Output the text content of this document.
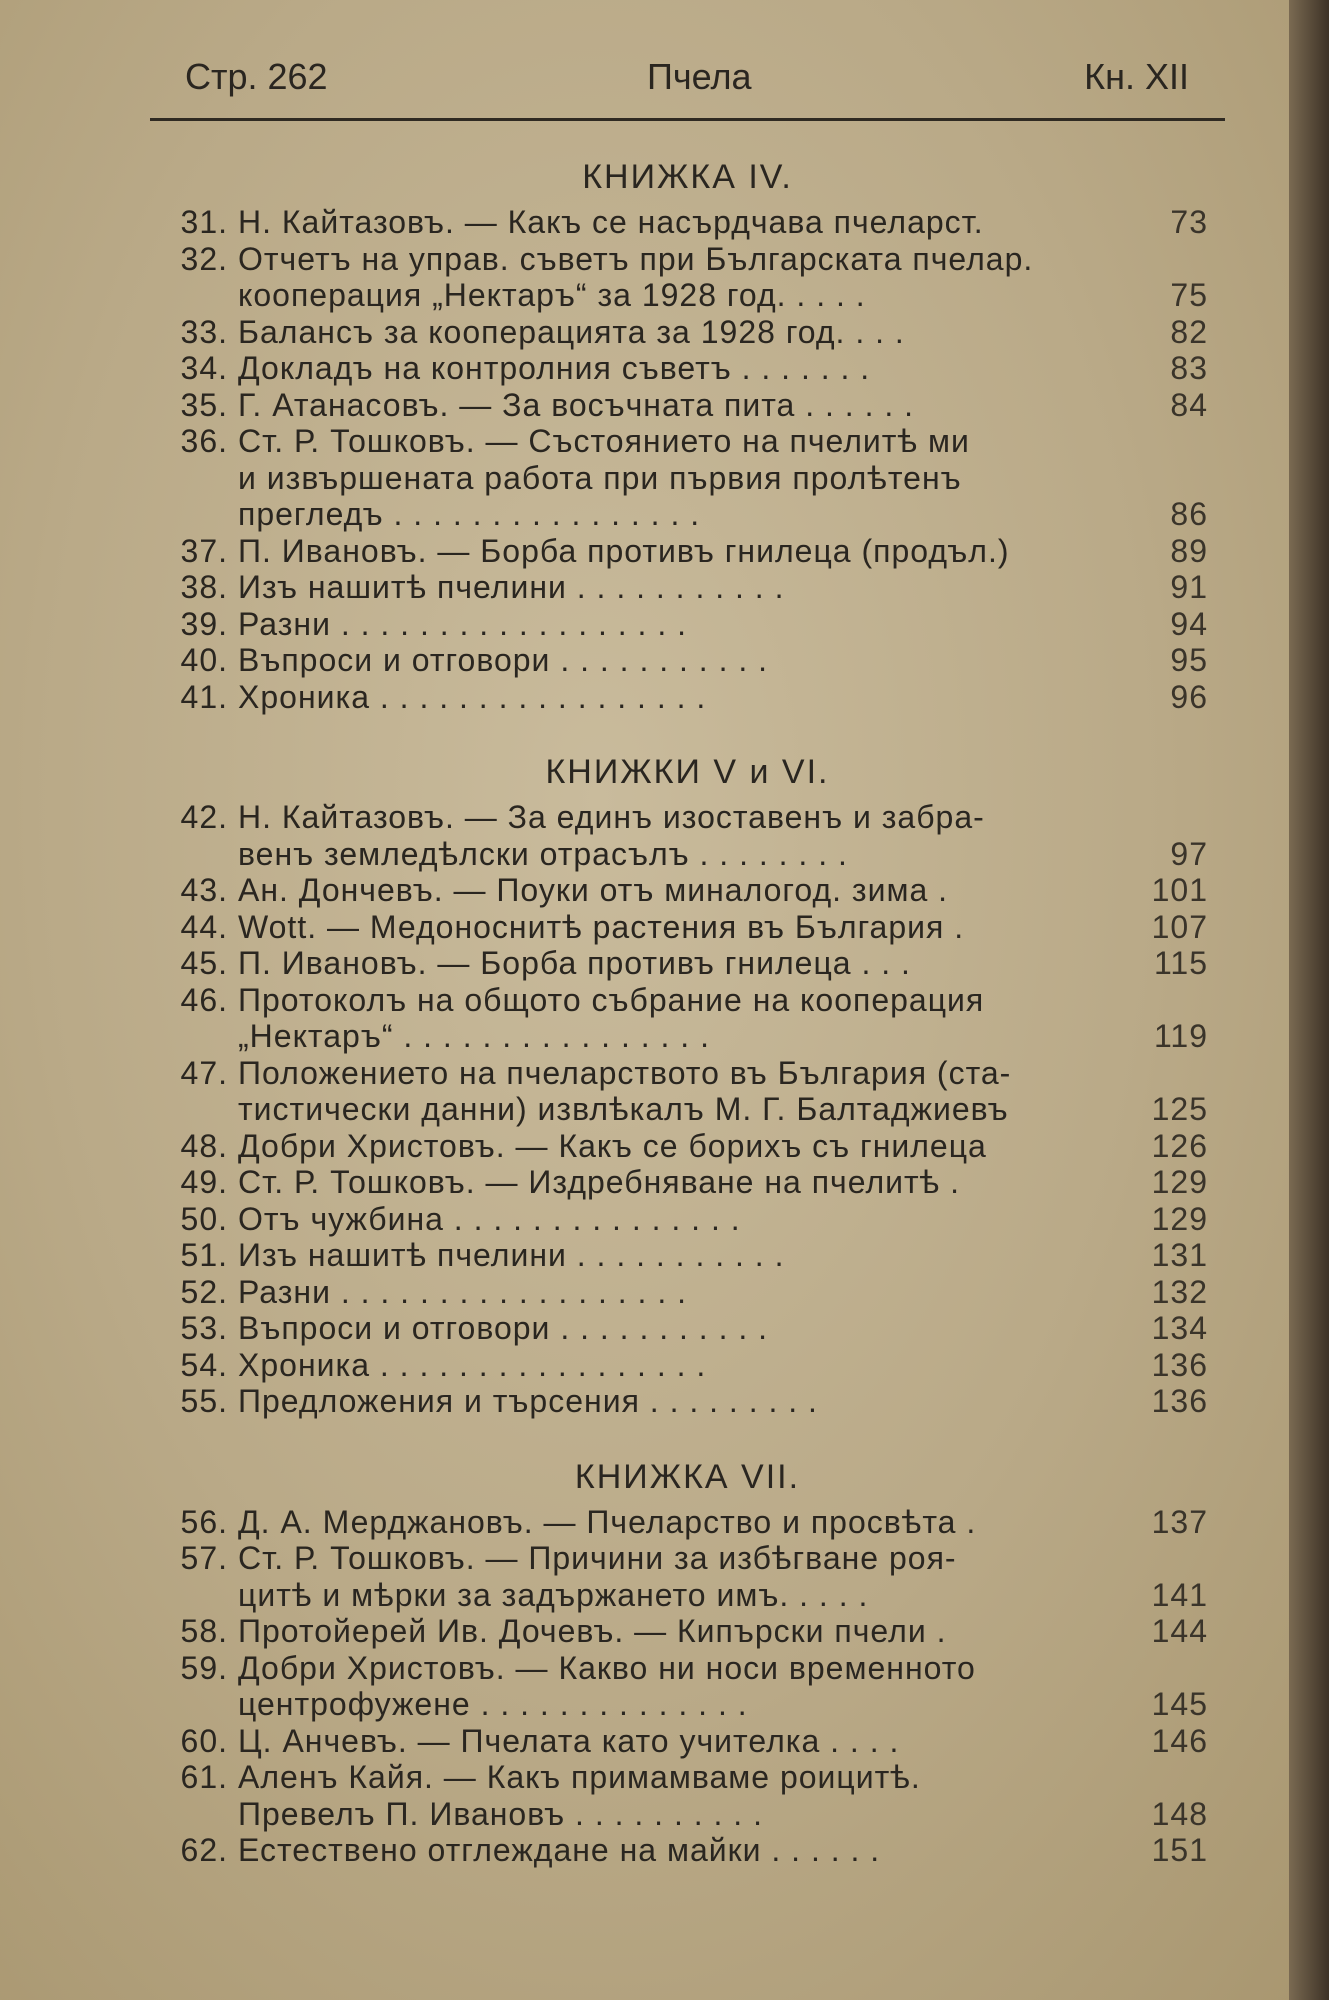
Стр. 262	Пчела	Кн. XII
КНИЖКА IV.
31. Н. Кайтазовъ. — Какъ се насърдчава пчеларст.	73
32. Отчетъ на управ. съветъ при Българската пчелар.
кооперация „Нектаръ“ за 1928 год. . . . .	75
33. Балансъ за кооперацията за 1928 год. . . .	82
34. Докладъ на контролния съветъ . . . . . . .	83
35. Г. Атанасовъ. — За восъчната пита . . . . . .	84
36. Ст. Р. Тошковъ. — Състоянието на пчелитѣ ми
и извършената работа при първия пролѣтенъ
прегледъ . . . . . . . . . . . . . . . .	86
37. П. Ивановъ. — Борба противъ гнилеца (продъл.)	89
38. Изъ нашитѣ пчелини . . . . . . . . . . .	91
39. Разни . . . . . . . . . . . . . . . . . .	94
40. Въпроси и отговори . . . . . . . . . . .	95
41. Хроника . . . . . . . . . . . . . . . . .	96
КНИЖКИ V и VI.
42. Н. Кайтазовъ. — За единъ изоставенъ и забрa-
венъ земледѣлски отрасълъ . . . . . . . .	97
43. Ан. Дончевъ. — Поуки отъ миналогод. зима .	101
44. Wott. — Медоноснитѣ растения въ България .	107
45. П. Ивановъ. — Борба противъ гнилеца . . .	115
46. Протоколъ на общото събрание на кооперация
„Нектаръ“ . . . . . . . . . . . . . . . .	119
47. Положението на пчеларството въ България (ста-
тистически данни) извлѣкалъ М. Г. Балтаджиевъ	125
48. Добри Христовъ. — Какъ се борихъ съ гнилеца	126
49. Ст. Р. Тошковъ. — Издребняване на пчелитѣ .	129
50. Отъ чужбина . . . . . . . . . . . . . . .	129
51. Изъ нашитѣ пчелини . . . . . . . . . . .	131
52. Разни . . . . . . . . . . . . . . . . . .	132
53. Въпроси и отговори . . . . . . . . . . .	134
54. Хроника . . . . . . . . . . . . . . . . .	136
55. Предложения и търсения . . . . . . . . .	136
КНИЖКА VII.
56. Д. А. Мерджановъ. — Пчеларство и просвѣта .	137
57. Ст. Р. Тошковъ. — Причини за избѣгване роя-
цитѣ и мѣрки за задържането имъ. . . . .	141
58. Протойерей Ив. Дочевъ. — Кипърски пчели .	144
59. Добри Христовъ. — Какво ни носи временното
центрофужене . . . . . . . . . . . . . .	145
60. Ц. Анчевъ. — Пчелата като учителка . . . .	146
61. Аленъ Кайя. — Какъ примамваме роицитѣ.
Превелъ П. Ивановъ . . . . . . . . . .	148
62. Естествено отглеждане на майки . . . . . .	151
